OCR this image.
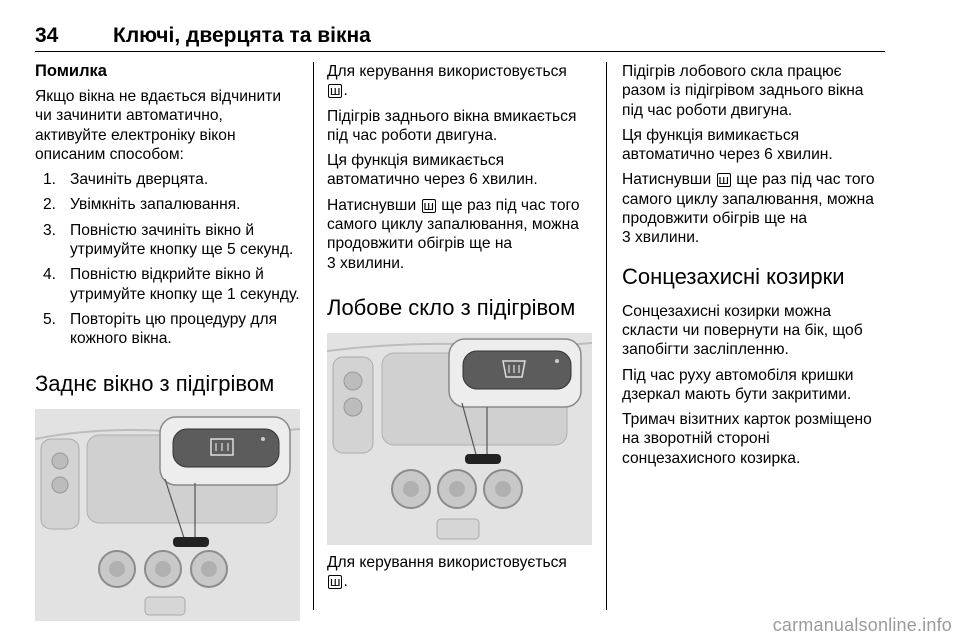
34	Ключі, дверцята та вікна
Помилка
Якщо вікна не вдається відчинити
чи зачинити автоматично,
активуйте електроніку вікон
описаним способом:
1. Зачиніть дверцята.
2. Увімкніть запалювання.
3. Повністю зачиніть вікно й
утримуйте кнопку ще 5 секунд.
4. Повністю відкрийте вікно й
утримуйте кнопку ще 1 секунду.
5. Повторіть цю процедуру для
кожного вікна.
Заднє вікно з підігрівом
Для керування використовується
ш .
Підігрів заднього вікна вмикається
під час роботи двигуна.
Ця функція вимикається
автоматично через 6 хвилин.
Натиснувши ш ще раз під час того
самого циклу запалювання, можна
продовжити обігрів ще на
3 хвилини.
Лобове скло з підігрівом
Для керування використовується
ш .
Підігрів лобового скла працює
разом із підігрівом заднього вікна
під час роботи двигуна.
Ця функція вимикається
автоматично через 6 хвилин.
Натиснувши ш ще раз під час того
самого циклу запалювання, можна
продовжити обігрів ще на
3 хвилини.
Сонцезахисні козирки
Сонцезахисні козирки можна
скласти чи повернути на бік, щоб
запобігти засліпленню.
Під час руху автомобіля кришки
дзеркал мають бути закритими.
Тримач візитних карток розміщено
на зворотній стороні
сонцезахисного козирка.
carmanualsonline.info
